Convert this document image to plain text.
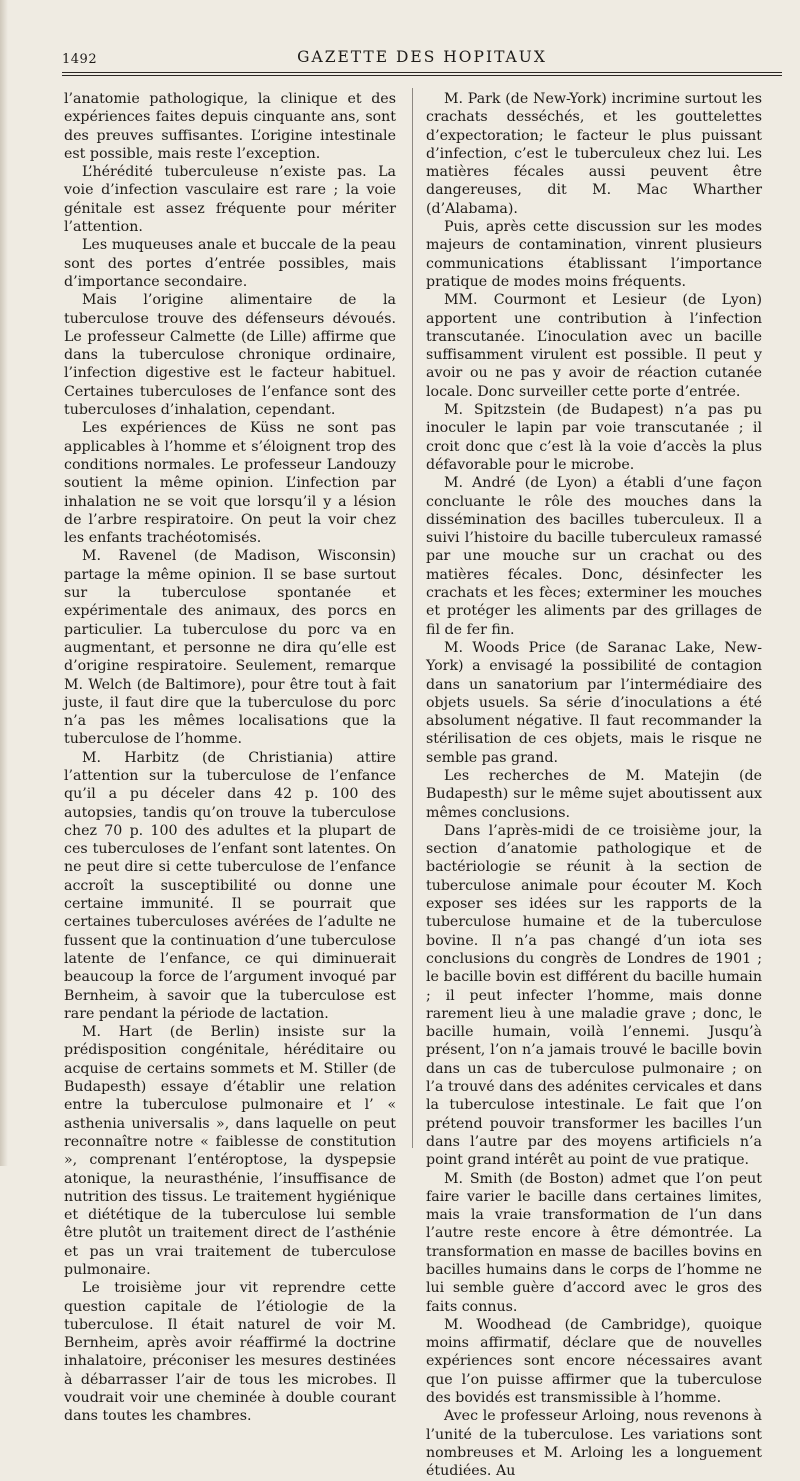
1492	GAZETTE DES HOPITAUX

l’anatomie pathologique, la clinique et des expériences faites depuis cinquante ans, sont des preuves suffisantes. L’origine intestinale est possible, mais reste l’exception.

L’hérédité tuberculeuse n’existe pas. La voie d’infection vasculaire est rare ; la voie génitale est assez fréquente pour mériter l’attention.

Les muqueuses anale et buccale de la peau sont des portes d’entrée possibles, mais d’importance secondaire.

Mais l’origine alimentaire de la tuberculose trouve des défenseurs dévoués. Le professeur Calmette (de Lille) affirme que dans la tuberculose chronique ordinaire, l’infection digestive est le facteur habituel. Certaines tuberculoses de l’enfance sont des tuberculoses d’inhalation, cependant.

Les expériences de Küss ne sont pas applicables à l’homme et s’éloignent trop des conditions normales. Le professeur Landouzy soutient la même opinion. L’infection par inhalation ne se voit que lorsqu’il y a lésion de l’arbre respiratoire. On peut la voir chez les enfants trachéotomisés.

M. Ravenel (de Madison, Wisconsin) partage la même opinion. Il se base surtout sur la tuberculose spontanée et expérimentale des animaux, des porcs en particulier. La tuberculose du porc va en augmentant, et personne ne dira qu’elle est d’origine respiratoire. Seulement, remarque M. Welch (de Baltimore), pour être tout à fait juste, il faut dire que la tuberculose du porc n’a pas les mêmes localisations que la tuberculose de l’homme.

M. Harbitz (de Christiania) attire l’attention sur la tuberculose de l’enfance qu’il a pu déceler dans 42 p. 100 des autopsies, tandis qu’on trouve la tuberculose chez 70 p. 100 des adultes et la plupart de ces tuberculoses de l’enfant sont latentes. On ne peut dire si cette tuberculose de l’enfance accroît la susceptibilité ou donne une certaine immunité. Il se pourrait que certaines tuberculoses avérées de l’adulte ne fussent que la continuation d’une tuberculose latente de l’enfance, ce qui diminuerait beaucoup la force de l’argument invoqué par Bernheim, à savoir que la tuberculose est rare pendant la période de lactation.

M. Hart (de Berlin) insiste sur la prédisposition congénitale, héréditaire ou acquise de certains sommets et M. Stiller (de Budapesth) essaye d’établir une relation entre la tuberculose pulmonaire et l’ « asthenia universalis », dans laquelle on peut reconnaître notre « faiblesse de constitution », comprenant l’entéroptose, la dyspepsie atonique, la neurasthénie, l’insuffisance de nutrition des tissus. Le traitement hygiénique et diététique de la tuberculose lui semble être plutôt un traitement direct de l’asthénie et pas un vrai traitement de tuberculose pulmonaire.

Le troisième jour vit reprendre cette question capitale de l’étiologie de la tuberculose. Il était naturel de voir M. Bernheim, après avoir réaffirmé la doctrine inhalatoire, préconiser les mesures destinées à débarrasser l’air de tous les microbes. Il voudrait voir une cheminée à double courant dans toutes les chambres.

M. Park (de New-York) incrimine surtout les crachats desséchés, et les gouttelettes d’expectoration; le facteur le plus puissant d’infection, c’est le tuberculeux chez lui. Les matières fécales aussi peuvent être dangereuses, dit M. Mac Wharther (d’Alabama).

Puis, après cette discussion sur les modes majeurs de contamination, vinrent plusieurs communications établissant l’importance pratique de modes moins fréquents.

MM. Courmont et Lesieur (de Lyon) apportent une contribution à l’infection transcutanée. L’inoculation avec un bacille suffisamment virulent est possible. Il peut y avoir ou ne pas y avoir de réaction cutanée locale. Donc surveiller cette porte d’entrée.

M. Spitzstein (de Budapest) n’a pas pu inoculer le lapin par voie transcutanée ; il croit donc que c’est là la voie d’accès la plus défavorable pour le microbe.

M. André (de Lyon) a établi d’une façon concluante le rôle des mouches dans la dissémination des bacilles tuberculeux. Il a suivi l’histoire du bacille tuberculeux ramassé par une mouche sur un crachat ou des matières fécales. Donc, désinfecter les crachats et les fèces; exterminer les mouches et protéger les aliments par des grillages de fil de fer fin.

M. Woods Price (de Saranac Lake, New-York) a envisagé la possibilité de contagion dans un sanatorium par l’intermédiaire des objets usuels. Sa série d’inoculations a été absolument négative. Il faut recommander la stérilisation de ces objets, mais le risque ne semble pas grand.

Les recherches de M. Matejin (de Budapesth) sur le même sujet aboutissent aux mêmes conclusions.

Dans l’après-midi de ce troisième jour, la section d’anatomie pathologique et de bactériologie se réunit à la section de tuberculose animale pour écouter M. Koch exposer ses idées sur les rapports de la tuberculose humaine et de la tuberculose bovine. Il n’a pas changé d’un iota ses conclusions du congrès de Londres de 1901 ; le bacille bovin est différent du bacille humain ; il peut infecter l’homme, mais donne rarement lieu à une maladie grave ; donc, le bacille humain, voilà l’ennemi. Jusqu’à présent, l’on n’a jamais trouvé le bacille bovin dans un cas de tuberculose pulmonaire ; on l’a trouvé dans des adénites cervicales et dans la tuberculose intestinale. Le fait que l’on prétend pouvoir transformer les bacilles l’un dans l’autre par des moyens artificiels n’a point grand intérêt au point de vue pratique.

M. Smith (de Boston) admet que l’on peut faire varier le bacille dans certaines limites, mais la vraie transformation de l’un dans l’autre reste encore à être démontrée. La transformation en masse de bacilles bovins en bacilles humains dans le corps de l’homme ne lui semble guère d’accord avec le gros des faits connus.

M. Woodhead (de Cambridge), quoique moins affirmatif, déclare que de nouvelles expériences sont encore nécessaires avant que l’on puisse affirmer que la tuberculose des bovidés est transmissible à l’homme.

Avec le professeur Arloing, nous revenons à l’unité de la tuberculose. Les variations sont nombreuses et M. Arloing les a longuement étudiées. Au
